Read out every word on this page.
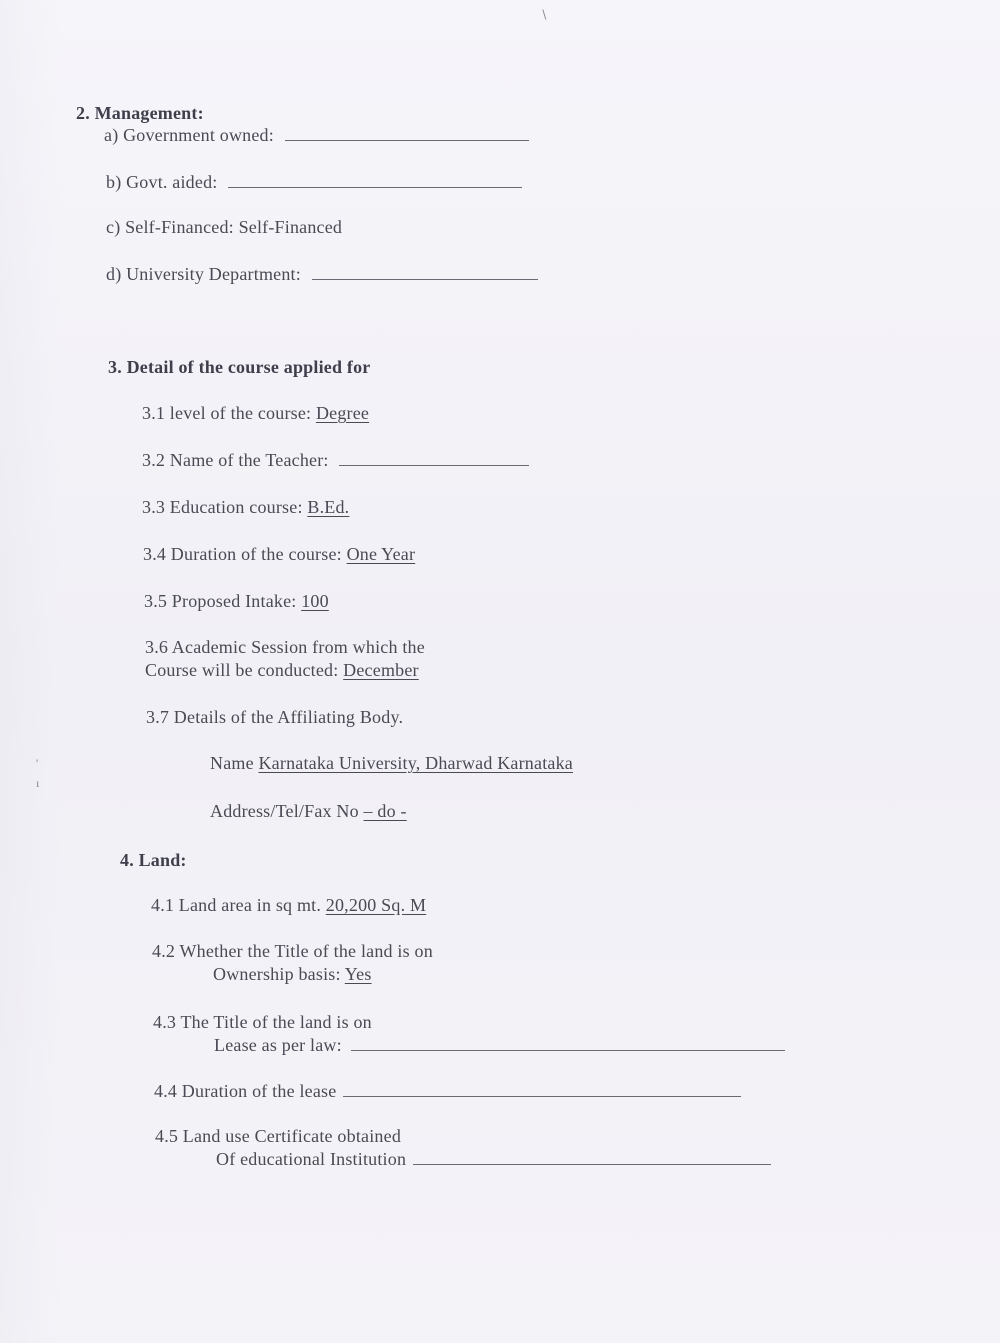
∖
2. Management:
a) Government owned:
b) Govt. aided:
c) Self-Financed: Self-Financed
d) University Department:
3. Detail of the course applied for
3.1 level of the course: Degree
3.2 Name of the Teacher:
3.3 Education course: B.Ed.
3.4 Duration of the course: One Year
3.5 Proposed Intake: 100
3.6 Academic Session from which the
Course will be conducted: December
3.7 Details of the Affiliating Body.
Name Karnataka University, Dharwad Karnataka
Address/Tel/Fax No – do -
'
ı
4. Land:
4.1 Land area in sq mt. 20,200 Sq. M
4.2 Whether the Title of the land is on
Ownership basis: Yes
4.3 The Title of the land is on
Lease as per law:
4.4 Duration of the lease
4.5 Land use Certificate obtained
Of educational Institution
